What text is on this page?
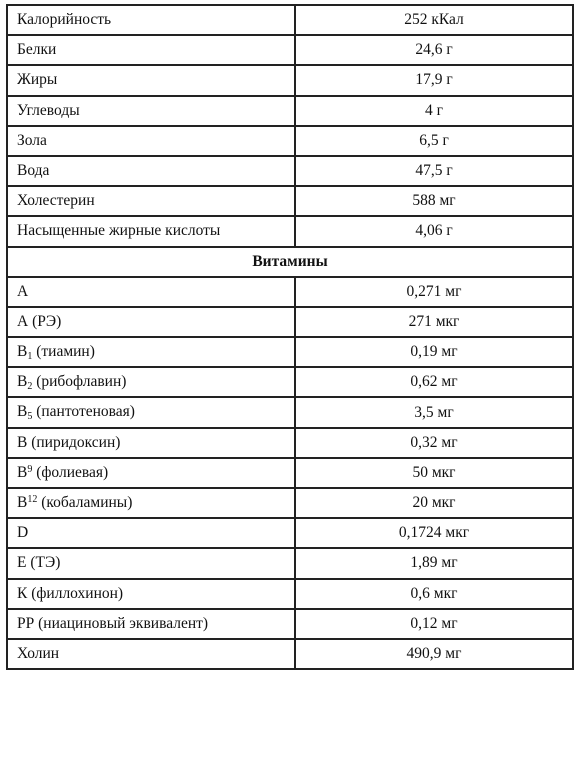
Калорийность	252 кКал
Белки	24,6 г
Жиры	17,9 г
Углеводы	4 г
Зола	6,5 г
Вода	47,5 г
Холестерин	588 мг
Насыщенные жирные кислоты	4,06 г
Витамины	
А	0,271 мг
А (РЭ)	271 мкг
$В_1$ (тиамин)	0,19 мг
$В_2$ (рибофлавин)	0,62 мг
$В_5$ (пантотеновая)	3,5 мг
В (пиридоксин)	0,32 мг
$В^9$ (фолиевая)	50 мкг
$В^{12}$ (кобаламины)	20 мкг
D	0,1724 мкг
Е (ТЭ)	1,89 мг
К (филлохинон)	0,6 мкг
РР (ниациновый эквивалент)	0,12 мг
Холин	490,9 мг
